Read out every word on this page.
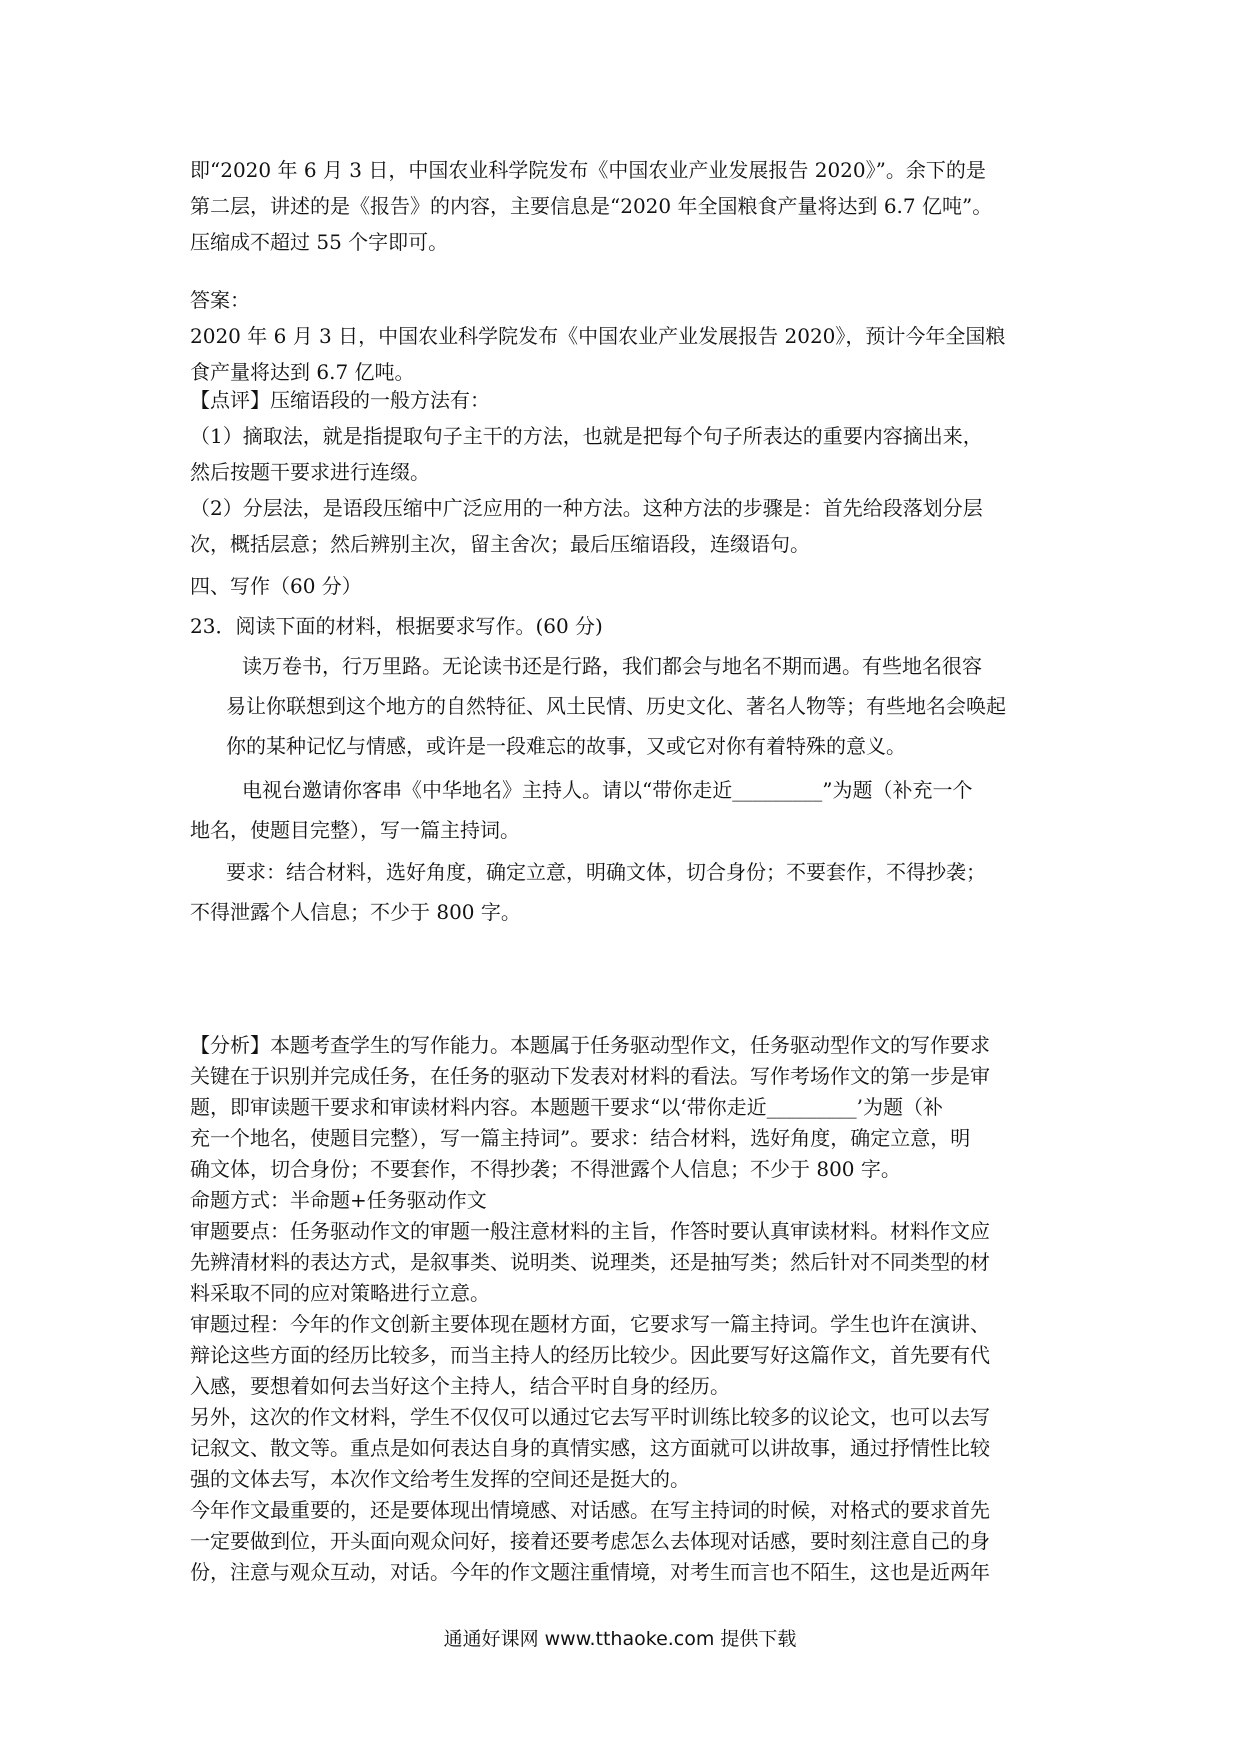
即“2020 年 6 月 3 日，中国农业科学院发布《中国农业产业发展报告 2020》”。余下的是
第二层，讲述的是《报告》的内容，主要信息是“2020 年全国粮食产量将达到 6.7 亿吨”。
压缩成不超过 55 个字即可。
答案：
2020 年 6 月 3 日，中国农业科学院发布《中国农业产业发展报告 2020》，预计今年全国粮
食产量将达到 6.7 亿吨。
【点评】压缩语段的一般方法有：
（1）摘取法，就是指提取句子主干的方法，也就是把每个句子所表达的重要内容摘出来，
然后按题干要求进行连缀。
（2）分层法，是语段压缩中广泛应用的一种方法。这种方法的步骤是：首先给段落划分层
次，概括层意；然后辨别主次，留主舍次；最后压缩语段，连缀语句。
四、写作（60 分）
23．阅读下面的材料，根据要求写作。(60 分)
读万卷书，行万里路。无论读书还是行路，我们都会与地名不期而遇。有些地名很容
易让你联想到这个地方的自然特征、风土民情、历史文化、著名人物等；有些地名会唤起
你的某种记忆与情感，或许是一段难忘的故事，又或它对你有着特殊的意义。
电视台邀请你客串《中华地名》主持人。请以“带你走近_________”为题（补充一个
地名，使题目完整），写一篇主持词。
要求：结合材料，选好角度，确定立意，明确文体，切合身份；不要套作，不得抄袭；
不得泄露个人信息；不少于 800 字。
【分析】本题考查学生的写作能力。本题属于任务驱动型作文，任务驱动型作文的写作要求
关键在于识别并完成任务，在任务的驱动下发表对材料的看法。写作考场作文的第一步是审
题，即审读题干要求和审读材料内容。本题题干要求“以‘带你走近_________’为题（补
充一个地名，使题目完整），写一篇主持词”。要求：结合材料，选好角度，确定立意，明
确文体，切合身份；不要套作，不得抄袭；不得泄露个人信息；不少于 800 字。
命题方式：半命题+任务驱动作文
审题要点：任务驱动作文的审题一般注意材料的主旨，作答时要认真审读材料。材料作文应
先辨清材料的表达方式，是叙事类、说明类、说理类，还是抽写类；然后针对不同类型的材
料采取不同的应对策略进行立意。
审题过程：今年的作文创新主要体现在题材方面，它要求写一篇主持词。学生也许在演讲、
辩论这些方面的经历比较多，而当主持人的经历比较少。因此要写好这篇作文，首先要有代
入感，要想着如何去当好这个主持人，结合平时自身的经历。
另外，这次的作文材料，学生不仅仅可以通过它去写平时训练比较多的议论文，也可以去写
记叙文、散文等。重点是如何表达自身的真情实感，这方面就可以讲故事，通过抒情性比较
强的文体去写，本次作文给考生发挥的空间还是挺大的。
今年作文最重要的，还是要体现出情境感、对话感。在写主持词的时候，对格式的要求首先
一定要做到位，开头面向观众问好，接着还要考虑怎么去体现对话感，要时刻注意自己的身
份，注意与观众互动，对话。今年的作文题注重情境，对考生而言也不陌生，这也是近两年
通通好课网 www.tthaoke.com 提供下载
